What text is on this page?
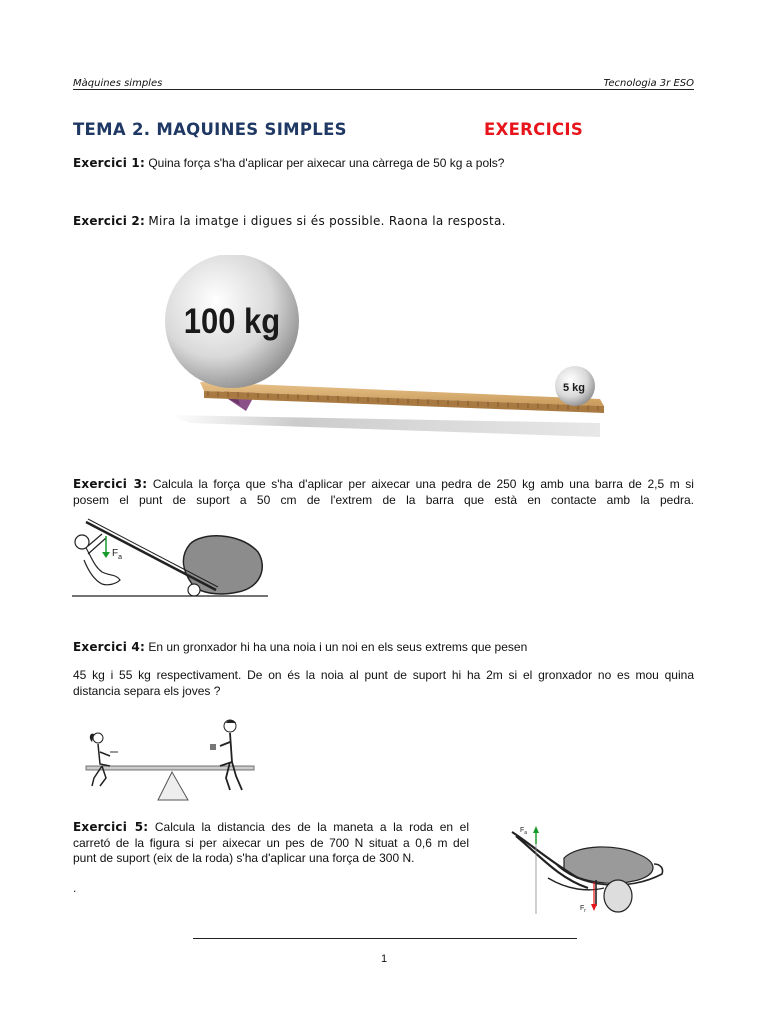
Màquines simples	Tecnologia 3r ESO
TEMA 2. MAQUINES SIMPLES	EXERCICIS
Exercici 1: Quina força s'ha d'aplicar per aixecar una càrrega de 50 kg a pols?
Exercici 2: Mira la imatge i digues si és possible. Raona la resposta.
100 kg
5 kg
Exercici 3: Calcula la força que s'ha d'aplicar per aixecar una pedra de 250 kg amb una barra de 2,5 m si
posem el punt de suport a 50 cm de l'extrem de la barra que està en contacte amb la pedra.
$F_a$
Exercici 4: En un gronxador hi ha una noia i un noi en els seus extrems que pesen
45 kg i 55 kg respectivament. De on és la noia al punt de suport hi ha 2m si el gronxador no es mou quina
distancia separa els joves ?
Exercici 5: Calcula la distancia des de la maneta a la roda en el
carretó de la figura si per aixecar un pes de 700 N situat a 0,6 m del
punt de suport (eix de la roda) s'ha d'aplicar una força de 300 N.
.
$F_a$
$F_r$
1
